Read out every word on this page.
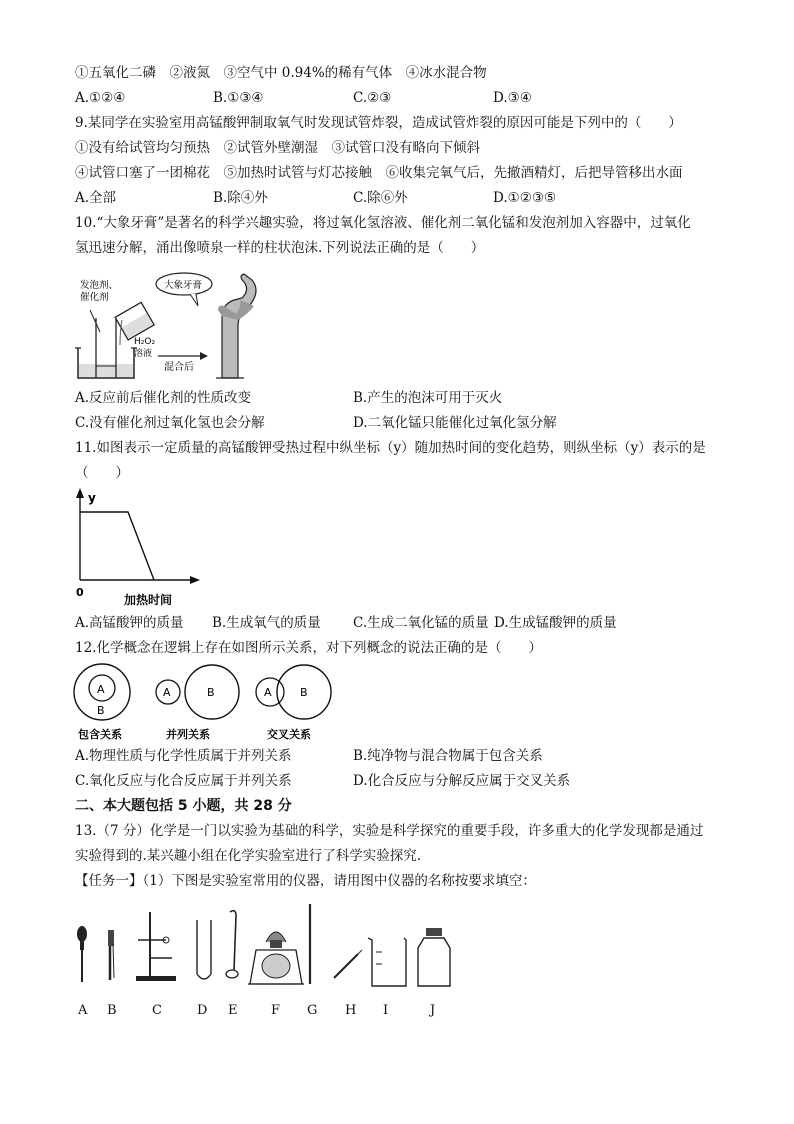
①五氧化二磷　②液氮　③空气中 0.94%的稀有气体　④冰水混合物
A.①②④	B.①③④	C.②③	D.③④
9.某同学在实验室用高锰酸钾制取氧气时发现试管炸裂，造成试管炸裂的原因可能是下列中的（　　）
①没有给试管均匀预热　②试管外壁潮湿　③试管口没有略向下倾斜
④试管口塞了一团棉花　⑤加热时试管与灯芯接触　⑥收集完氧气后，先撤酒精灯，后把导管移出水面
A.全部	B.除④外	C.除⑥外	D.①②③⑤
10.“大象牙膏”是著名的科学兴趣实验，将过氧化氢溶液、催化剂二氧化锰和发泡剂加入容器中，过氧化
氢迅速分解，涌出像喷泉一样的柱状泡沫.下列说法正确的是（　　）
发泡剂、
催化剂
H₂O₂
溶液
混合后
大象牙膏
A.反应前后催化剂的性质改变	B.产生的泡沫可用于灭火
C.没有催化剂过氧化氢也会分解	D.二氧化锰只能催化过氧化氢分解
11.如图表示一定质量的高锰酸钾受热过程中纵坐标（y）随加热时间的变化趋势，则纵坐标（y）表示的是
（　　）
y
0
加热时间
A.高锰酸钾的质量 B.生成氧气的质量 C.生成二氧化锰的质量 D.生成锰酸钾的质量
12.化学概念在逻辑上存在如图所示关系，对下列概念的说法正确的是（　　）
A
B
包含关系
A	B
并列关系
A	B
交叉关系
A.物理性质与化学性质属于并列关系	B.纯净物与混合物属于包含关系
C.氧化反应与化合反应属于并列关系	D.化合反应与分解反应属于交叉关系
二、本大题包括 5 小题，共 28 分
13.（7 分）化学是一门以实验为基础的科学，实验是科学探究的重要手段，许多重大的化学发现都是通过
实验得到的.某兴趣小组在化学实验室进行了科学实验探究.
【任务一】（1）下图是实验室常用的仪器，请用图中仪器的名称按要求填空：
A B	C	D E	F G H I	J
